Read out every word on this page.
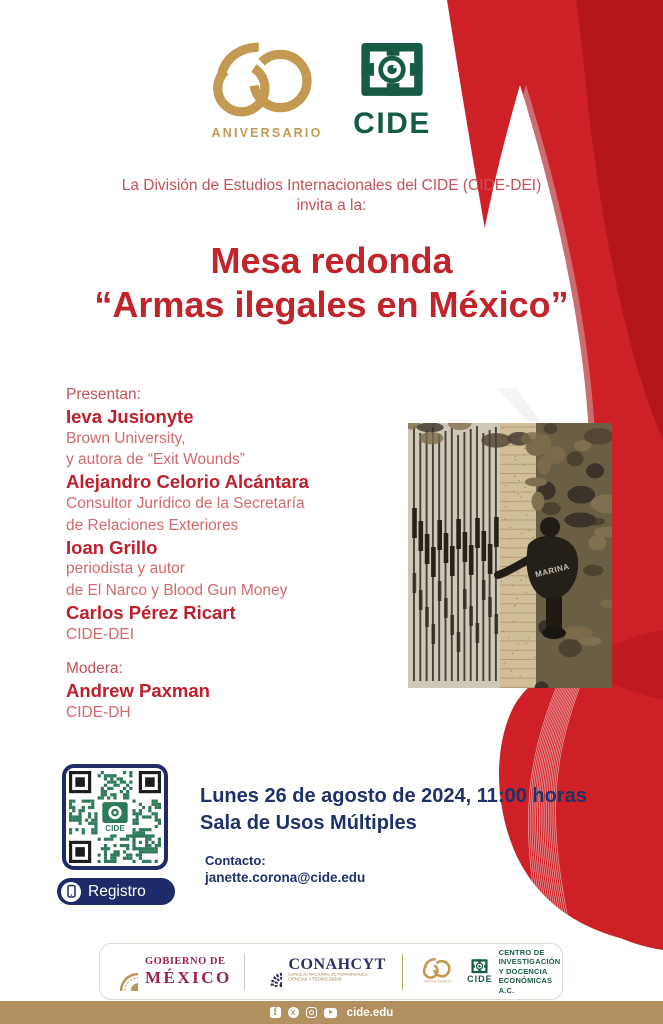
ANIVERSARIO	CIDE
La División de Estudios Internacionales del CIDE (CIDE-DEI)
invita a la:
Mesa redonda
“Armas ilegales en México”
Presentan:
Ieva Jusionyte
Brown University,
y autora de “Exit Wounds”
Alejandro Celorio Alcántara
Consultor Jurídico de la Secretaría
de Relaciones Exteriores
Ioan Grillo
periodista y autor
de El Narco y Blood Gun Money
Carlos Pérez Ricart
CIDE-DEI
Modera:
Andrew Paxman
CIDE-DH
CIDE
Registro
Lunes 26 de agosto de 2024, 11:00 horas
Sala de Usos Múltiples
Contacto:
janette.corona@cide.edu
GOBIERNO DE
MÉXICO
CONAHCYT
CONSEJO NACIONAL DE HUMANIDADES
CIENCIAS Y TECNOLOGÍAS
ANIVERSARIO CIDE
CENTRO DE INVESTIGACIÓN
Y DOCENCIA ECONÓMICAS A.C.
f	X	cide.edu
